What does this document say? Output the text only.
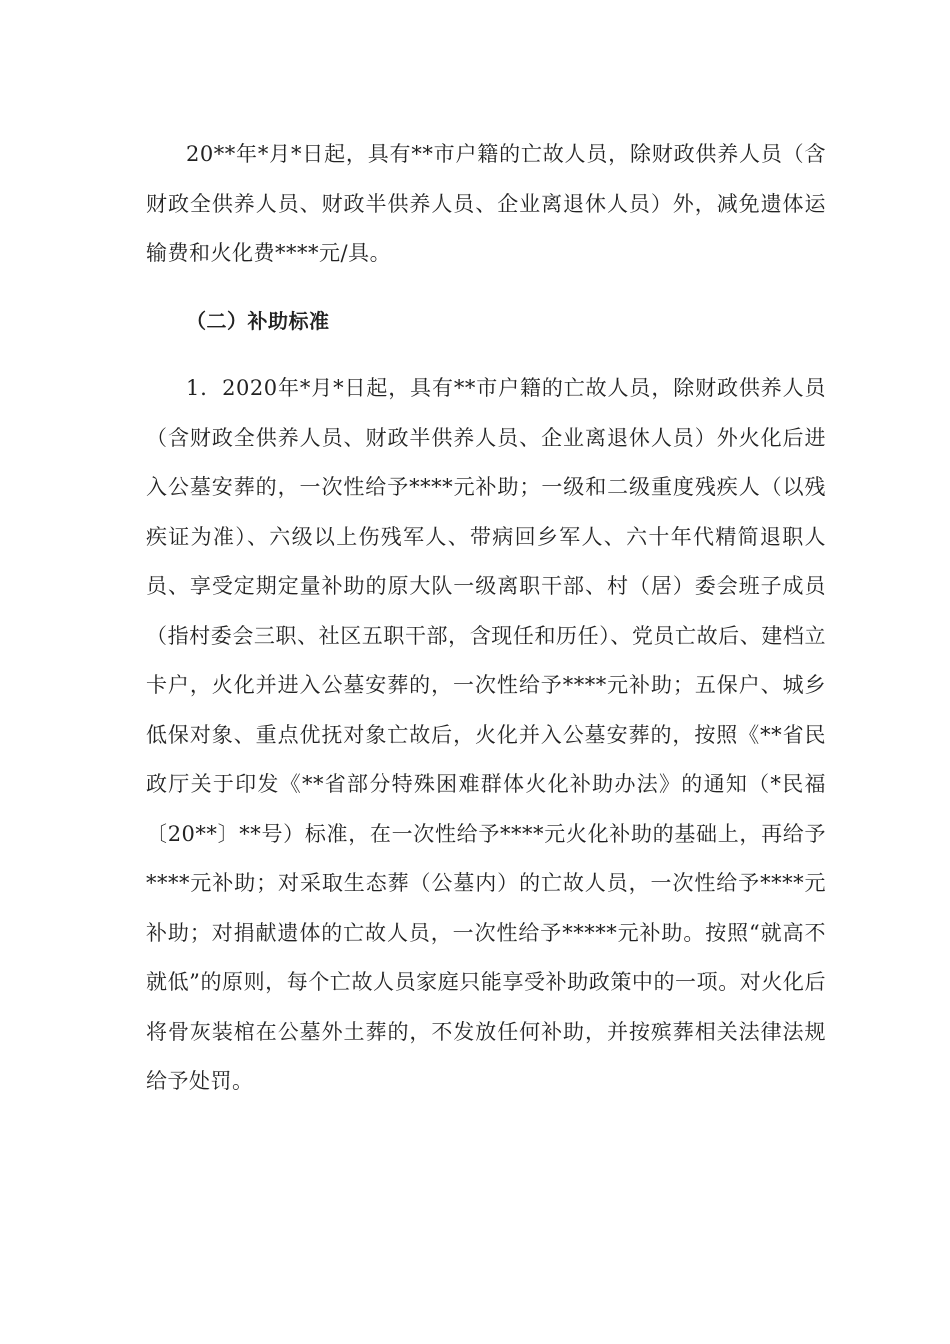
20**年*月*日起，具有**市户籍的亡故人员，除财政供养人员（含财政全供养人员、财政半供养人员、企业离退休人员）外，减免遗体运输费和火化费****元/具。

（二）补助标准

1．2020年*月*日起，具有**市户籍的亡故人员，除财政供养人员（含财政全供养人员、财政半供养人员、企业离退休人员）外火化后进入公墓安葬的，一次性给予****元补助；一级和二级重度残疾人（以残疾证为准）、六级以上伤残军人、带病回乡军人、六十年代精简退职人员、享受定期定量补助的原大队一级离职干部、村（居）委会班子成员（指村委会三职、社区五职干部，含现任和历任）、党员亡故后、建档立卡户，火化并进入公墓安葬的，一次性给予****元补助；五保户、城乡低保对象、重点优抚对象亡故后，火化并入公墓安葬的，按照《**省民政厅关于印发《**省部分特殊困难群体火化补助办法》的通知（*民福〔20**〕**号）标准，在一次性给予****元火化补助的基础上，再给予****元补助；对采取生态葬（公墓内）的亡故人员，一次性给予****元补助；对捐献遗体的亡故人员，一次性给予*****元补助。按照“就高不就低”的原则，每个亡故人员家庭只能享受补助政策中的一项。对火化后将骨灰装棺在公墓外土葬的，不发放任何补助，并按殡葬相关法律法规给予处罚。
